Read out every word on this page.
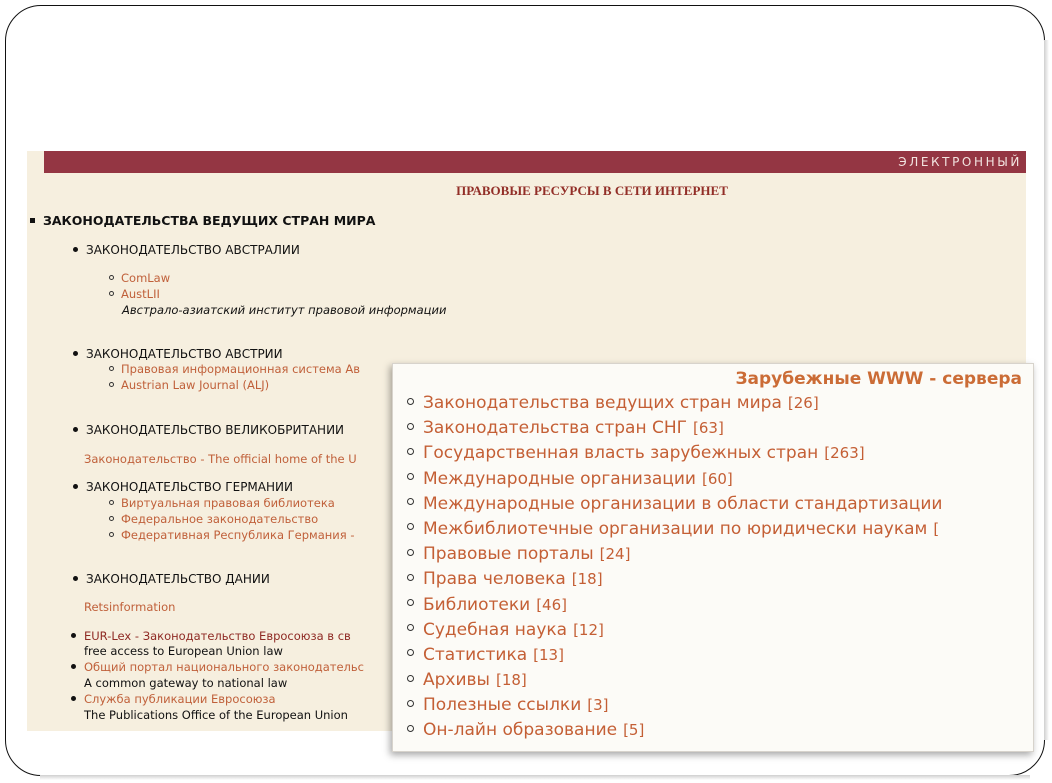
ЭЛЕКТРОННЫЙ
ПРАВОВЫЕ РЕСУРСЫ В СЕТИ ИНТЕРНЕТ
ЗАКОНОДАТЕЛЬСТВА ВЕДУЩИХ СТРАН МИРА
ЗАКОНОДАТЕЛЬСТВО АВСТРАЛИИ
ComLaw
AustLII
Австрало-азиатский институт правовой информации
ЗАКОНОДАТЕЛЬСТВО АВСТРИИ
Правовая информационная система Ав
Austrian Law Journal (ALJ)
ЗАКОНОДАТЕЛЬСТВО ВЕЛИКОБРИТАНИИ
Законодательство - The official home of the U
ЗАКОНОДАТЕЛЬСТВО ГЕРМАНИИ
Виртуальная правовая библиотека
Федеральное законодательство
Федеративная Республика Германия -
ЗАКОНОДАТЕЛЬСТВО ДАНИИ
Retsinformation
EUR-Lex - Законодательство Евросоюза в св
free access to European Union law
Общий портал национального законодательс
A common gateway to national law
Служба публикации Евросоюза
The Publications Office of the European Union
Зарубежные WWW - сервера
Законодательства ведущих стран мира [26]
Законодательства стран СНГ [63]
Государственная власть зарубежных стран [263]
Международные организации [60]
Международные организации в области стандартизации
Межбиблиотечные организации по юридически наукам [
Правовые порталы [24]
Права человека [18]
Библиотеки [46]
Судебная наука [12]
Статистика [13]
Архивы [18]
Полезные ссылки [3]
Он-лайн образование [5]
